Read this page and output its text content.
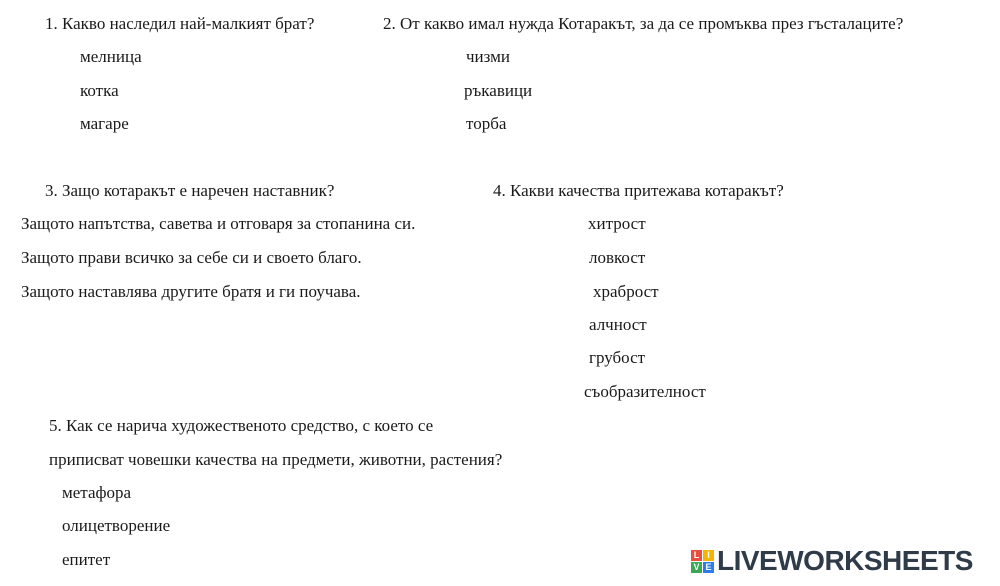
1. Какво наследил най-малкият брат?
мелница
котка
магаре
2. От какво имал нужда Котаракът, за да се промъква през гъсталаците?
чизми
ръкавици
торба
3. Защо котаракът е наречен наставник?
Защото напътства, саветва и отговаря за стопанина си.
Защото прави всичко за себе си и своето благо.
Защото наставлява другите братя и ги поучава.
4. Какви качества притежава котаракът?
хитрост
ловкост
храброст
алчност
грубост
съобразителност
5. Как се нарича художественото средство, с което се
приписват човешки качества на предмети, животни, растения?
метафора
олицетворение
епитет	L I
V E LIVEWORKSHEETS
